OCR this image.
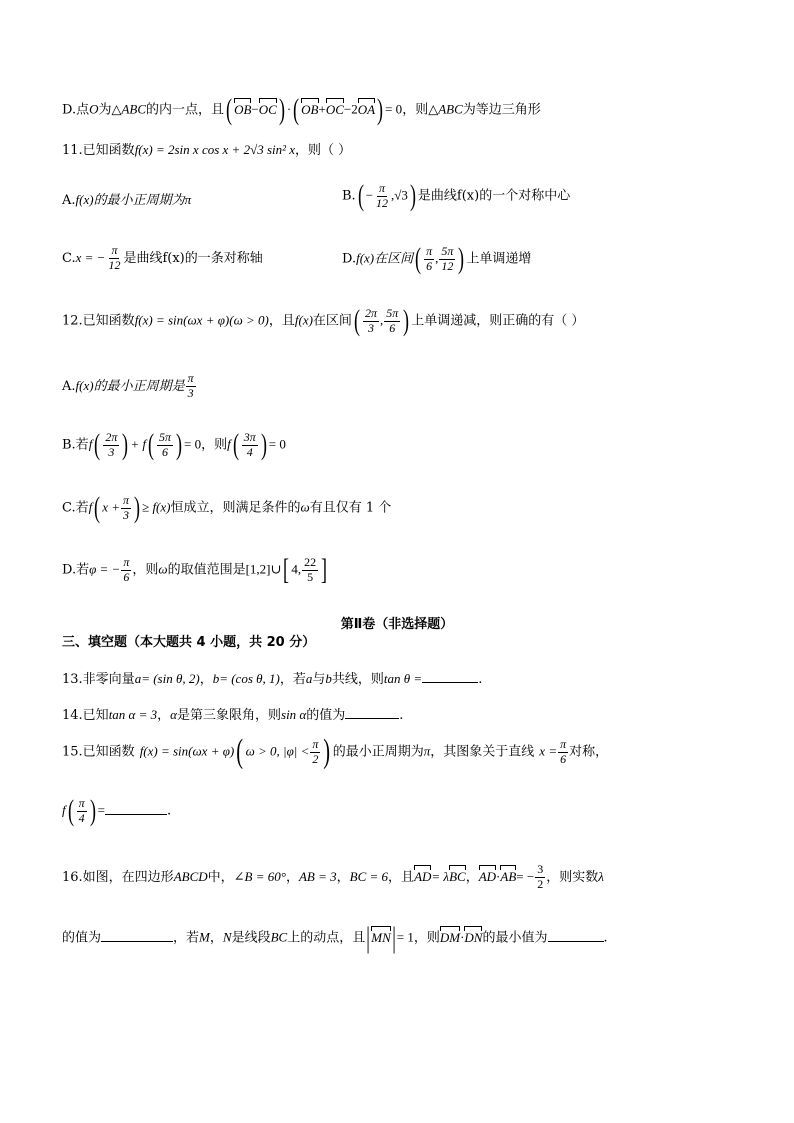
D.点O为△ABC的内一点，且( OB−OC) ·( OB+OC−2OA) = 0，则△ABC为等边三角形
11.已知函数f(x) = 2sin x cos x + 2√3 sin² x，则（ ）
A.f(x)的最小正周期为π	$B.( - \frac{\pi}{12} ,√3)$ 是曲线f(x)的一个对称中心
C.x = − $\frac{\pi}{12}$ 是曲线f(x)的一条对称轴	D.f(x)在区间( $\frac{\pi}{6}$ , $\frac{5\pi}{12}$ ) 上单调递增
12.已知函数f(x) = sin(ωx + φ)(ω > 0)，且f(x)在区间( $\frac{2\pi}{3}$ , $\frac{5\pi}{6}$ ) 上单调递减，则正确的有（ ）
A.f(x)的最小正周期是 $\frac{\pi}{3}$
B.若$f( \frac{2\pi}{3}$ ) + $f( \frac{5\pi}{6}$ ) = 0，则$f( \frac{3\pi}{4}$ ) = 0
C.若f( $x + \frac{\pi}{3}$ ) ≥ f(x)恒成立，则满足条件的ω有且仅有 1 个
D.若φ = − $\frac{\pi}{6}$ ，则ω的取值范围是[1,2]∪[ 4, $\frac{22}{5}$ ]
第Ⅱ卷（非选择题）
三、填空题（本大题共 4 小题，共 20 分）
13.非零向量a= (sin θ, 2)，b= (cos θ, 1)，若a与b共线，则tan θ =	.
14.已知tan α = 3，α是第三象限角，则sin α的值为	.
15.已知函数 f(x) = sin(ωx + φ)( ω > 0, $|\varphi| < \frac{\pi}{2}$ ) 的最小正周期为π，其图象关于直线 $x = \frac{\pi}{6}$ 对称，
$f( \frac{\pi}{4}$ ) =	.
16.如图，在四边形ABCD中，∠B = 60°，AB = 3，BC = 6，且AD= λBC，$AD\cdot AB= - \frac{3}{2}$ ，则实数λ
的值为	，若M，N是线段BC上的动点，且|MN|= 1，则DM·DN的最小值为	.
